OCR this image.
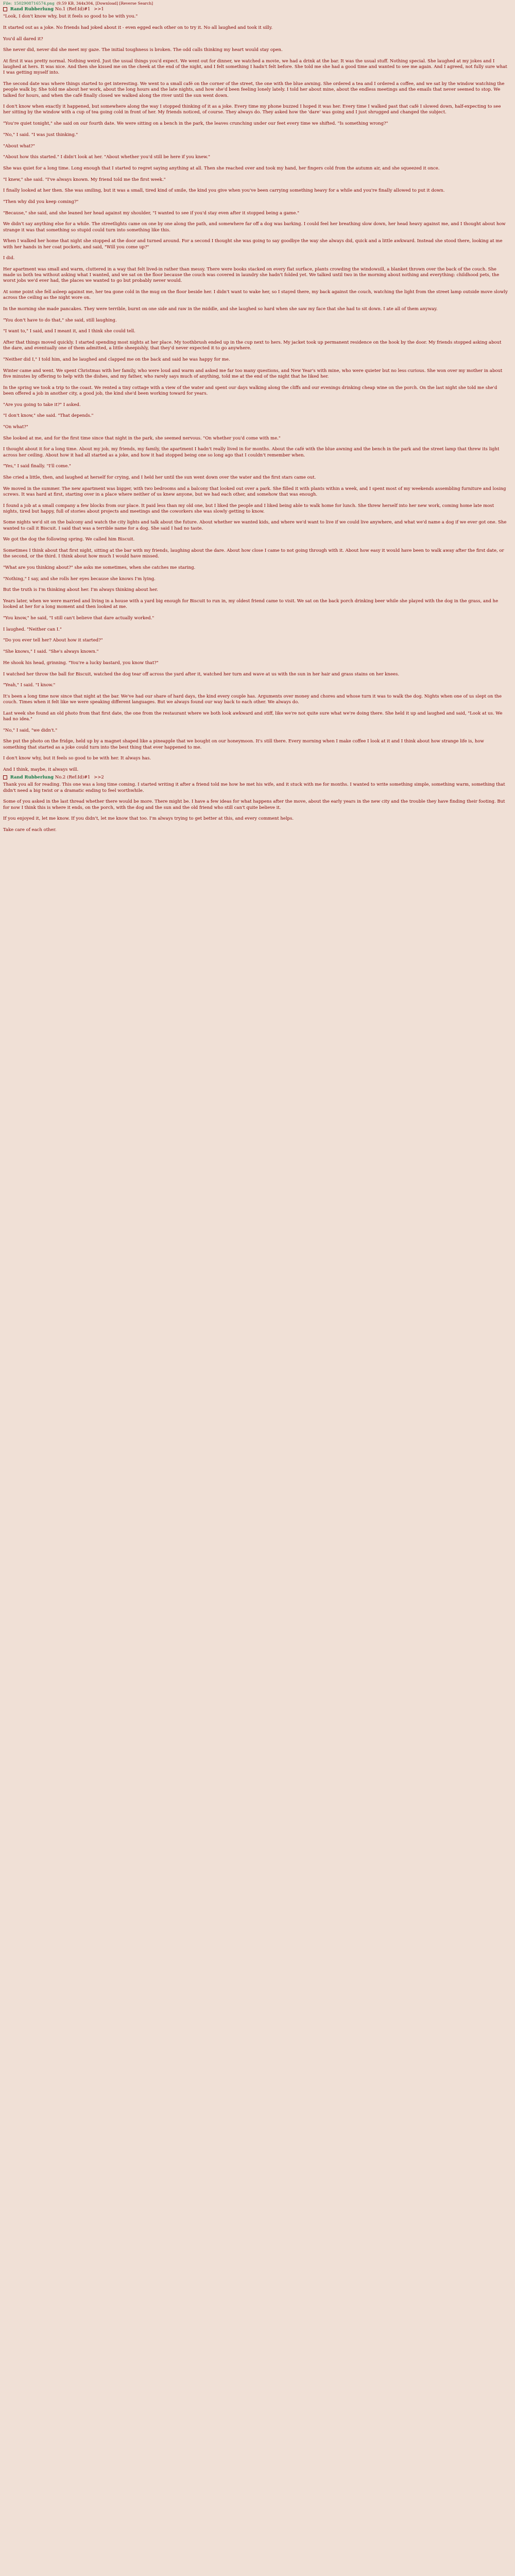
File: 1502908716574.png (9.59 KB, 344x304, [Download] [Reverse Search]
Rand Rubberlung No.1 (Ref:Id)#1 >>1

"Look, I don't know why, but it feels so good to be with you."

It started out as a joke. No friends had joked about it - even egged each other on to try it. No all laughed and took it silly.

You'd all dared it?

She never did, never did she meet my gaze. The initial toughness is broken. The odd calls thinking my heart would stay open.

At first it was pretty normal. Nothing weird. Just the usual things you'd expect. We went out for dinner, we watched a movie, we had a drink at the bar. It was the usual stuff. Nothing special. She laughed at my jokes and I laughed at hers. It was nice. And then she kissed me on the cheek at the end of the night, and I felt something I hadn't felt before. She told me she had a good time and wanted to see me again. And I agreed, not fully sure what I was getting myself into.

The second date was where things started to get interesting. We went to a small café on the corner of the street, the one with the blue awning. She ordered a tea and I ordered a coffee, and we sat by the window watching the people walk by. She told me about her work, about the long hours and the late nights, and how she'd been feeling lonely lately. I told her about mine, about the endless meetings and the emails that never seemed to stop. We talked for hours, and when the café finally closed we walked along the river until the sun went down.

I don't know when exactly it happened, but somewhere along the way I stopped thinking of it as a joke. Every time my phone buzzed I hoped it was her. Every time I walked past that café I slowed down, half-expecting to see her sitting by the window with a cup of tea going cold in front of her. My friends noticed, of course. They always do. They asked how the 'dare' was going and I just shrugged and changed the subject.

"You're quiet tonight," she said on our fourth date. We were sitting on a bench in the park, the leaves crunching under our feet every time we shifted. "Is something wrong?"

"No," I said. "I was just thinking."

"About what?"

"About how this started." I didn't look at her. "About whether you'd still be here if you knew."

She was quiet for a long time. Long enough that I started to regret saying anything at all. Then she reached over and took my hand, her fingers cold from the autumn air, and she squeezed it once.

"I knew," she said. "I've always known. My friend told me the first week."

I finally looked at her then. She was smiling, but it was a small, tired kind of smile, the kind you give when you've been carrying something heavy for a while and you're finally allowed to put it down.

"Then why did you keep coming?"

"Because," she said, and she leaned her head against my shoulder, "I wanted to see if you'd stay even after it stopped being a game."

We didn't say anything else for a while. The streetlights came on one by one along the path, and somewhere far off a dog was barking. I could feel her breathing slow down, her head heavy against me, and I thought about how strange it was that something so stupid could turn into something like this.

When I walked her home that night she stopped at the door and turned around. For a second I thought she was going to say goodbye the way she always did, quick and a little awkward. Instead she stood there, looking at me with her hands in her coat pockets, and said, "Will you come up?"

I did.

Her apartment was small and warm, cluttered in a way that felt lived-in rather than messy. There were books stacked on every flat surface, plants crowding the windowsill, a blanket thrown over the back of the couch. She made us both tea without asking what I wanted, and we sat on the floor because the couch was covered in laundry she hadn't folded yet. We talked until two in the morning about nothing and everything: childhood pets, the worst jobs we'd ever had, the places we wanted to go but probably never would.

At some point she fell asleep against me, her tea gone cold in the mug on the floor beside her. I didn't want to wake her, so I stayed there, my back against the couch, watching the light from the street lamp outside move slowly across the ceiling as the night wore on.

In the morning she made pancakes. They were terrible, burnt on one side and raw in the middle, and she laughed so hard when she saw my face that she had to sit down. I ate all of them anyway.

"You don't have to do that," she said, still laughing.

"I want to," I said, and I meant it, and I think she could tell.

After that things moved quickly. I started spending most nights at her place. My toothbrush ended up in the cup next to hers. My jacket took up permanent residence on the hook by the door. My friends stopped asking about the dare, and eventually one of them admitted, a little sheepishly, that they'd never expected it to go anywhere.

"Neither did I," I told him, and he laughed and clapped me on the back and said he was happy for me.

Winter came and went. We spent Christmas with her family, who were loud and warm and asked me far too many questions, and New Year's with mine, who were quieter but no less curious. She won over my mother in about five minutes by offering to help with the dishes, and my father, who rarely says much of anything, told me at the end of the night that he liked her.

In the spring we took a trip to the coast. We rented a tiny cottage with a view of the water and spent our days walking along the cliffs and our evenings drinking cheap wine on the porch. On the last night she told me she'd been offered a job in another city, a good job, the kind she'd been working toward for years.

"Are you going to take it?" I asked.

"I don't know," she said. "That depends."

"On what?"

She looked at me, and for the first time since that night in the park, she seemed nervous. "On whether you'd come with me."

I thought about it for a long time. About my job, my friends, my family, the apartment I hadn't really lived in for months. About the café with the blue awning and the bench in the park and the street lamp that threw its light across her ceiling. About how it had all started as a joke, and how it had stopped being one so long ago that I couldn't remember when.

"Yes," I said finally. "I'll come."

She cried a little, then, and laughed at herself for crying, and I held her until the sun went down over the water and the first stars came out.

We moved in the summer. The new apartment was bigger, with two bedrooms and a balcony that looked out over a park. She filled it with plants within a week, and I spent most of my weekends assembling furniture and losing screws. It was hard at first, starting over in a place where neither of us knew anyone, but we had each other, and somehow that was enough.

I found a job at a small company a few blocks from our place. It paid less than my old one, but I liked the people and I liked being able to walk home for lunch. She threw herself into her new work, coming home late most nights, tired but happy, full of stories about projects and meetings and the coworkers she was slowly getting to know.

Some nights we'd sit on the balcony and watch the city lights and talk about the future. About whether we wanted kids, and where we'd want to live if we could live anywhere, and what we'd name a dog if we ever got one. She wanted to call it Biscuit. I said that was a terrible name for a dog. She said I had no taste.

We got the dog the following spring. We called him Biscuit.

Sometimes I think about that first night, sitting at the bar with my friends, laughing about the dare. About how close I came to not going through with it. About how easy it would have been to walk away after the first date, or the second, or the third. I think about how much I would have missed.

"What are you thinking about?" she asks me sometimes, when she catches me staring.

"Nothing," I say, and she rolls her eyes because she knows I'm lying.

But the truth is I'm thinking about her. I'm always thinking about her.

Years later, when we were married and living in a house with a yard big enough for Biscuit to run in, my oldest friend came to visit. We sat on the back porch drinking beer while she played with the dog in the grass, and he looked at her for a long moment and then looked at me.

"You know," he said, "I still can't believe that dare actually worked."

I laughed. "Neither can I."

"Do you ever tell her? About how it started?"

"She knows," I said. "She's always known."

He shook his head, grinning. "You're a lucky bastard, you know that?"

I watched her throw the ball for Biscuit, watched the dog tear off across the yard after it, watched her turn and wave at us with the sun in her hair and grass stains on her knees.

"Yeah," I said. "I know."

It's been a long time now since that night at the bar. We've had our share of hard days, the kind every couple has. Arguments over money and chores and whose turn it was to walk the dog. Nights when one of us slept on the couch. Times when it felt like we were speaking different languages. But we always found our way back to each other. We always do.

Last week she found an old photo from that first date, the one from the restaurant where we both look awkward and stiff, like we're not quite sure what we're doing there. She held it up and laughed and said, "Look at us. We had no idea."

"No," I said, "we didn't."

She put the photo on the fridge, held up by a magnet shaped like a pineapple that we bought on our honeymoon. It's still there. Every morning when I make coffee I look at it and I think about how strange life is, how something that started as a joke could turn into the best thing that ever happened to me.

I don't know why, but it feels so good to be with her. It always has.

And I think, maybe, it always will.

Rand Rubberlung No.2 (Ref:Id)#1 >>2

Thank you all for reading. This one was a long time coming. I started writing it after a friend told me how he met his wife, and it stuck with me for months. I wanted to write something simple, something warm, something that didn't need a big twist or a dramatic ending to feel worthwhile.

Some of you asked in the last thread whether there would be more. There might be. I have a few ideas for what happens after the move, about the early years in the new city and the trouble they have finding their footing. But for now I think this is where it ends, on the porch, with the dog and the sun and the old friend who still can't quite believe it.

If you enjoyed it, let me know. If you didn't, let me know that too. I'm always trying to get better at this, and every comment helps.

Take care of each other.
